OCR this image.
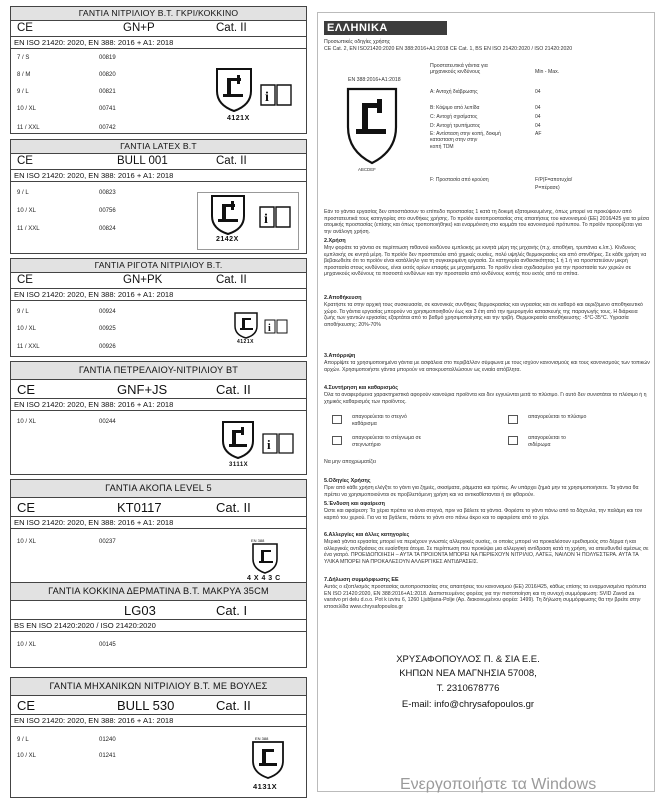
ΓΑΝΤΙΑ ΝΙΤΡΙΛΙΟΥ Β.Τ. ΓΚΡΙ/ΚΟΚΚΙΝΟ
CE	GN+P	Cat. II
EN ISO 21420: 2020, EN 388: 2016 + A1: 2018
7 / S	00819
8 / M	00820
9 / L	00821
10 / XL	00741
11 / XXL	00742
i
4121X
ΓΑΝΤΙΑ LATEX Β.Τ
CE	BULL 001	Cat. II
EN ISO 21420: 2020, EN 388: 2016 + A1: 2018
9 / L	00823
10 / XL	00756
11 / XXL	00824
i
2142X
ΓΑΝΤΙΑ ΡΙΓΟΤΑ ΝΙΤΡΙΛΙΟΥ Β.Τ.
CE	GN+PK	Cat. II
EN ISO 21420: 2020, EN 388: 2016 + A1: 2018
9 / L	00924
10 / XL	00925
11 / XXL	00926
i
4121X
ΓΑΝΤΙΑ ΠΕΤΡΕΛΑΙΟΥ-ΝΙΤΡΙΛΙΟΥ ΒΤ
CE	GNF+JS	Cat. II
EN ISO 21420: 2020, EN 388: 2016 + A1: 2018
10 / XL	00244
i
3111X
ΓΑΝΤΙΑ ΑΚΟΠΑ LEVEL 5
CE	KT0117	Cat. II
EN ISO 21420: 2020, EN 388: 2016 + A1: 2018
10 / XL	00237	EN 388
4 X 4 3 C
ΓΑΝΤΙΑ ΚΟΚΚΙΝΑ ΔΕΡΜΑΤΙΝΑ Β.Τ. ΜΑΚΡΥΑ 35CM
LG03	Cat. I
BS EN ISO 21420:2020 / ISO 21420:2020
10 / XL	00145
ΓΑΝΤΙΑ ΜΗΧΑΝΙΚΩΝ ΝΙΤΡΙΛΙΟΥ Β.Τ. ΜΕ ΒΟΥΛΕΣ
CE	BULL 530	Cat. II
EN ISO 21420: 2020, EN 388: 2016 + A1: 2018
9 / L	01240
10 / XL	01241
EN 388
4131X
ΕΛΛΗΝΙΚΑ
Προσωπικές οδηγίες χρήσης
CE Cat. 2, EN ISO21420:2020 EN 388:2016+A1:2018 CE Cat. 1, BS EN ISO 21420:2020 / ISO 21420:2020
Προστατευτικά γάντια για
μηχανικούς κινδύνους	Min - Max.
EN 388:2016+A1:2018
ABCDEF
Α: Αντοχή διάβρωσης	04
Β: Κόψιμο από λεπίδα	04
C: Αντοχή σχισίματος	04
D: Αντοχή τρυπήματος	04
E: Αντίσταση στην κοπή, δοκιμή	AF
κατασταση στην στην
κοπή TDM
F: Προστασία από κρούση	F/P(F=αποτυχία/
P=πέρασε)
Εάν το γάντια εργασίας δεν αποσπάσουν το επίπεδο προστασίας 1 κατά τη δοκιμή εξατομικευμένης, όπως μπορεί να προκύψουν από προστατευτικά τους κατηγορίας στο συνθήκες χρήσης. Το προϊόν αυτοπροστασίας στις απαιτήσεις του κανονισμού (ΕΕ) 2016/425 για τα μέσα ατομικής προστασίας (επίσης και όπως τροποποιήθηκε) και εναρμόνιση στο κομμάτι του κανονισμού πρότυπου. Το προϊόν προορίζεται για την ανάλογη χρήση.
2.Χρήση
Μην φοράτε τα γάντια σε περίπτωση πιθανού κινδύνου εμπλοκής με κινητά μέρη της μηχανής (π.χ. αποθήκη, τρυπάνια κ.λπ.). Κίνδυνος εμπλοκής σε κινητά μέρη. Τα προϊόν δεν προστατεύει από χημικές ουσίες, πολύ υψηλές θερμοκρασίες και από σπινθήρες. Σε κάθε χρήση να βεβαιωθείτε ότι το προϊόν είναι κατάλληλο για τη συγκεκριμένη εργασία. Σε κατηγορία ανθεκτικότητας 1 ή 1 ή να προστατεύουν μικρή προστασία στους κινδύνους, είναι εκτός ορίων επαφής με μηχανήματα. Το προϊόν είναι σχεδιασμένο για την προστασία των χεριών σε μηχανικούς κινδύνους τα ποσοστά κινδύνων και την προστασία από κινδύνους κοπής που εκτός από τα σπίτια.
2.Αποθήκευση
Κρατήστε τα στην αρχική τους συσκευασία, σε κανονικές συνθήκες θερμοκρασίας και υγρασίας και σε καθαρό και αεριζόμενο αποθηκευτικό χώρο. Τα γάντια εργασίας μπορούν να χρησιμοποιηθούν έως και 3 έτη από την ημερομηνία κατασκευής της παραγωγής τους. Η διάρκεια ζωής των γαντιών εργασίας εξαρτάται από το βαθμό χρησιμοποίησης και την τριβή. Θερμοκρασία αποθήκευσης: -5°C-35°C. Υγρασία αποθήκευσης: 20%-70%
3.Απόρριψη
Απορρίψτε τα χρησιμοποιημένα γάντια με ασφάλεια στο περιβάλλον σύμφωνα με τους ισχύον κανονισμούς και τους κανονισμούς των τοπικών αρχών. Χρησιμοποιήστε γάντια μπορούν να αποκρυσταλλώσουν ως ενιαία απόβλητα.
4.Συντήρηση και καθαρισμός
Όλα τα αναφερόμενα χαρακτηριστικά αφορούν καινούρια προϊόντα και δεν εγγυώνται μετά το πλύσιμο. Γι αυτό δεν συνιστάται το πλύσιμο ή η χημικός καθαρισμός των προϊόντος.
απαγορεύεται το στεγνό καθάρισμα
απαγορεύεται το πλύσιμο
απαγορεύεται το στέγνωμα σε στεγνωτήριο
απαγορεύεται το σιδέρωμα
Να μην αποχρωματίζει
5.Οδηγίες Χρήσης
Πριν από κάθε χρήση ελέγξτε το γάντι για ζημιές, σκισίματα, ράμματα και τρύπες. Αν υπάρχει ζημιά μην τα χρησιμοποιήσετε. Τα γάντια θα πρέπει να χρησιμοποιούνται σε προβλεπόμενη χρήση και να αντικαθίστανται ή αν φθαρούν.
5.Ένδυση και αφαίρεση
Ώστε και αφαίρεση: Τα χέρια πρέπει να είναι στεγνά, πριν να βάλετε τα γάντια. Φορέστε το γάντι πάνω από τα δάχτυλα, την παλάμη και τον καρπό του χεριού. Για να τα βγάλετε, πιάστε το γάντι στο πάνω άκρο και το αφαιρέστε από το χέρι.
6.Αλλεργίες και άλλες κατηγορίες
Μερικά γάντια εργασίας μπορεί να περιέχουν γνωστές αλλεργικές ουσίες, οι οποίες μπορεί να προκαλέσουν ερεθισμούς στο δέρμα ή και αλλεργικές αντιδράσεις σε ευαίσθητα άτομα. Σε περίπτωση που προκύψει μια αλλεργική αντίδραση κατά τη χρήση, να απευθυνθεί αμέσως σε ένα γιατρό. ΠΡΟΕΙΔΟΠΟΙΗΣΗ – ΑΥΤΑ ΤΑ ΠΡΟΙΟΝΤΑ ΜΠΟΡΕΙ ΝΑ ΠΕΡΙΕΧΟΥΝ ΝΙΤΡΙΛΙΟ, ΛΑΤΕΞ, ΝΑΙΛΟΝ Ή ΠΟΛΥΕΣΤΕΡΑ. ΑΥΤΑ ΤΑ ΥΛΙΚΑ ΜΠΟΡΕΙ ΝΑ ΠΡΟΚΑΛΕΣΟΥΝ ΑΛΛΕΡΓΙΚΕΣ ΑΝΤΙΔΡΑΣΕΙΣ.
7.Δήλωση συμμόρφωσης ΕΕ
Αυτός ο εξοπλισμός προστασίας αυτοπροστασίας στις απαιτήσεις του κανονισμού (ΕΕ) 2016/425, κάθως επίσης τα εναρμονισμένα πρότυπα EN ISO 21420:2020, EN 388:2016+A1:2018. Διαπιστευμένος φορέας για την πιστοποίηση και τη συνεχή συμμόρφωση: SVID Zavod za varstvo pri delu d.o.o. Pot k izviru 6, 1260 Ljubljana-Polje (Αρ. διακοινωμένου φορέα: 1499). Τη δήλωση συμμόρφωσης θα την βρείτε στην ιστοσελίδα www.chrysafopoulos.gr
ΧΡΥΣΑΦΟΠΟΥΛΟΣ Π. & ΣΙΑ Ε.Ε.
ΚΗΠΩΝ ΝΕΑ ΜΑΓΝΗΣΙΑ 57008,
Τ. 2310678776
E-mail: info@chrysafopoulos.gr
Ενεργοποιήστε τα Windows
